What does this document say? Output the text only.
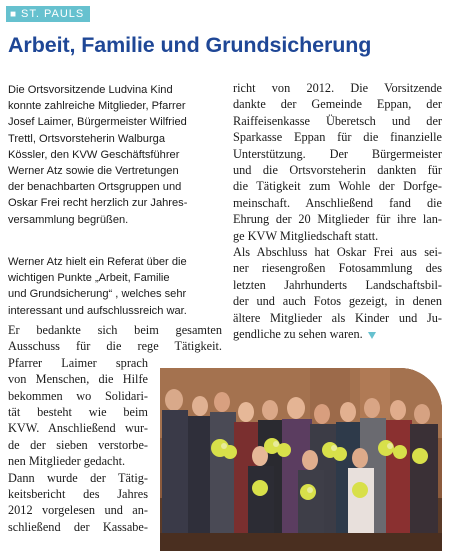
■ ST. PAULS
Arbeit, Familie und Grundsicherung

Die Ortsvorsitzende Ludvina Kind

konnte zahlreiche Mitglieder, Pfarrer

Josef Laimer, Bürgermeister Wilfried

Trettl, Ortsvorsteherin Walburga

Kössler, den KVW Geschäftsführer

Werner Atz sowie die Vertretungen

der benachbarten Ortsgruppen und

Oskar Frei recht herzlich zur Jahres-

versammlung begrüßen.

Werner Atz hielt ein Referat über die

wichtigen Punkte „Arbeit, Familie

und Grundsicherung“ , welches sehr

interessant und aufschlussreich war.

Er bedankte sich beim gesamten

Ausschuss für die rege Tätigkeit.

Pfarrer Laimer sprach

von Menschen, die Hilfe

bekommen wo Solidari-

tät besteht wie beim

KVW. Anschließend wur-

de der sieben verstorbe-

nen Mitglieder gedacht.

Dann wurde der Tätig-

keitsbericht des Jahres

2012 vorgelesen und an-

schließend der Kassabe-

richt von 2012. Die Vorsitzende

dankte der Gemeinde Eppan, der

Raiffeisenkasse Überetsch und der

Sparkasse Eppan für die finanzielle

Unterstützung. Der Bürgermeister

und die Ortsvorsteherin dankten für

die Tätigkeit zum Wohle der Dorfge-

meinschaft. Anschließend fand die

Ehrung der 20 Mitglieder für ihre lan-

ge KVW Mitgliedschaft statt.

Als Abschluss hat Oskar Frei aus sei-

ner riesengroßen Fotosammlung des

letzten Jahrhunderts Landschaftsbil-

der und auch Fotos gezeigt, in denen

ältere Mitglieder als Kinder und Ju-

gendliche zu sehen waren.
